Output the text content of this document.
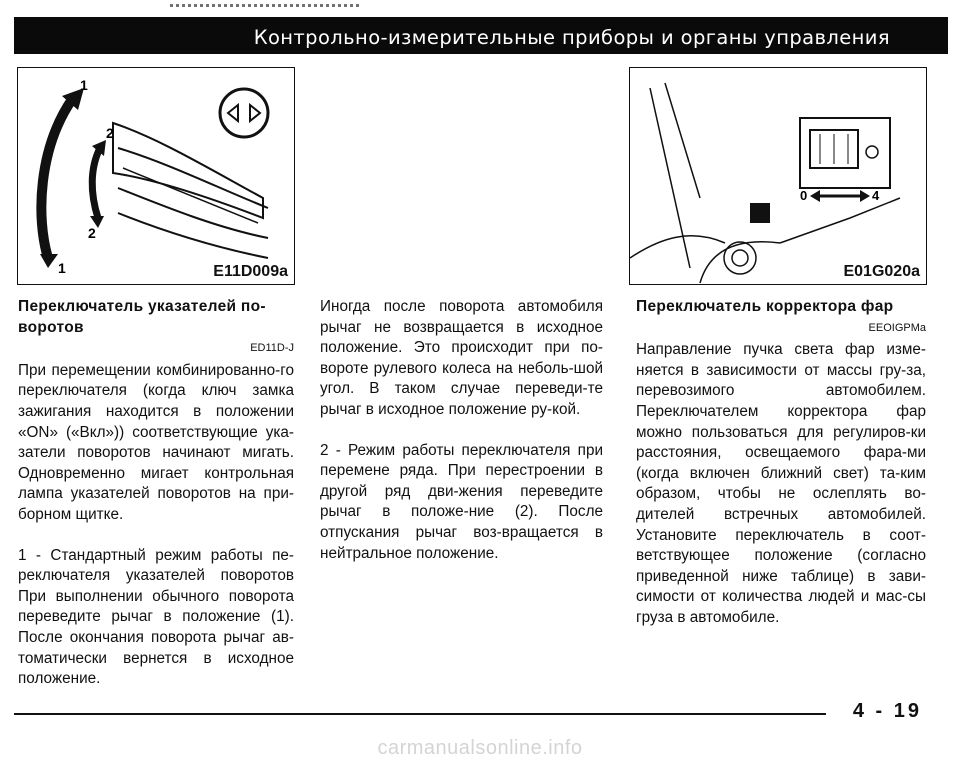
Контрольно-измерительные приборы и органы управления
1
2
2
1	E11D009a
0	4
E01G020a

Переключатель указателей по-воротов

ED11D-J

При перемещении комбинированно-го переключателя (когда ключ замка зажигания находится в положении «ON» («Вкл»)) соответствующие ука-затели поворотов начинают мигать. Одновременно мигает контрольная лампа указателей поворотов на при-борном щитке.

1 - Стандартный режим работы пе-реключателя указателей поворотов При выполнении обычного поворота переведите рычаг в положение (1). После окончания поворота рычаг ав-томатически вернется в исходное положение.

Иногда после поворота автомобиля рычаг не возвращается в исходное положение. Это происходит при по-вороте рулевого колеса на неболь-шой угол. В таком случае переведи-те рычаг в исходное положение ру-кой.

2 - Режим работы переключателя при перемене ряда. При перестроении в другой ряд дви-жения переведите рычаг в положе-ние (2). После отпускания рычаг воз-вращается в нейтральное положение.

Переключатель корректора фар

EEOIGPMa

Направление пучка света фар изме-няется в зависимости от массы гру-за, перевозимого автомобилем. Переключателем корректора фар можно пользоваться для регулиров-ки расстояния, освещаемого фара-ми (когда включен ближний свет) та-ким образом, чтобы не ослеплять во-дителей встречных автомобилей. Установите переключатель в соот-ветствующее положение (согласно приведенной ниже таблице) в зави-симости от количества людей и мас-сы груза в автомобиле.

4 - 19
carmanualsonline.info
